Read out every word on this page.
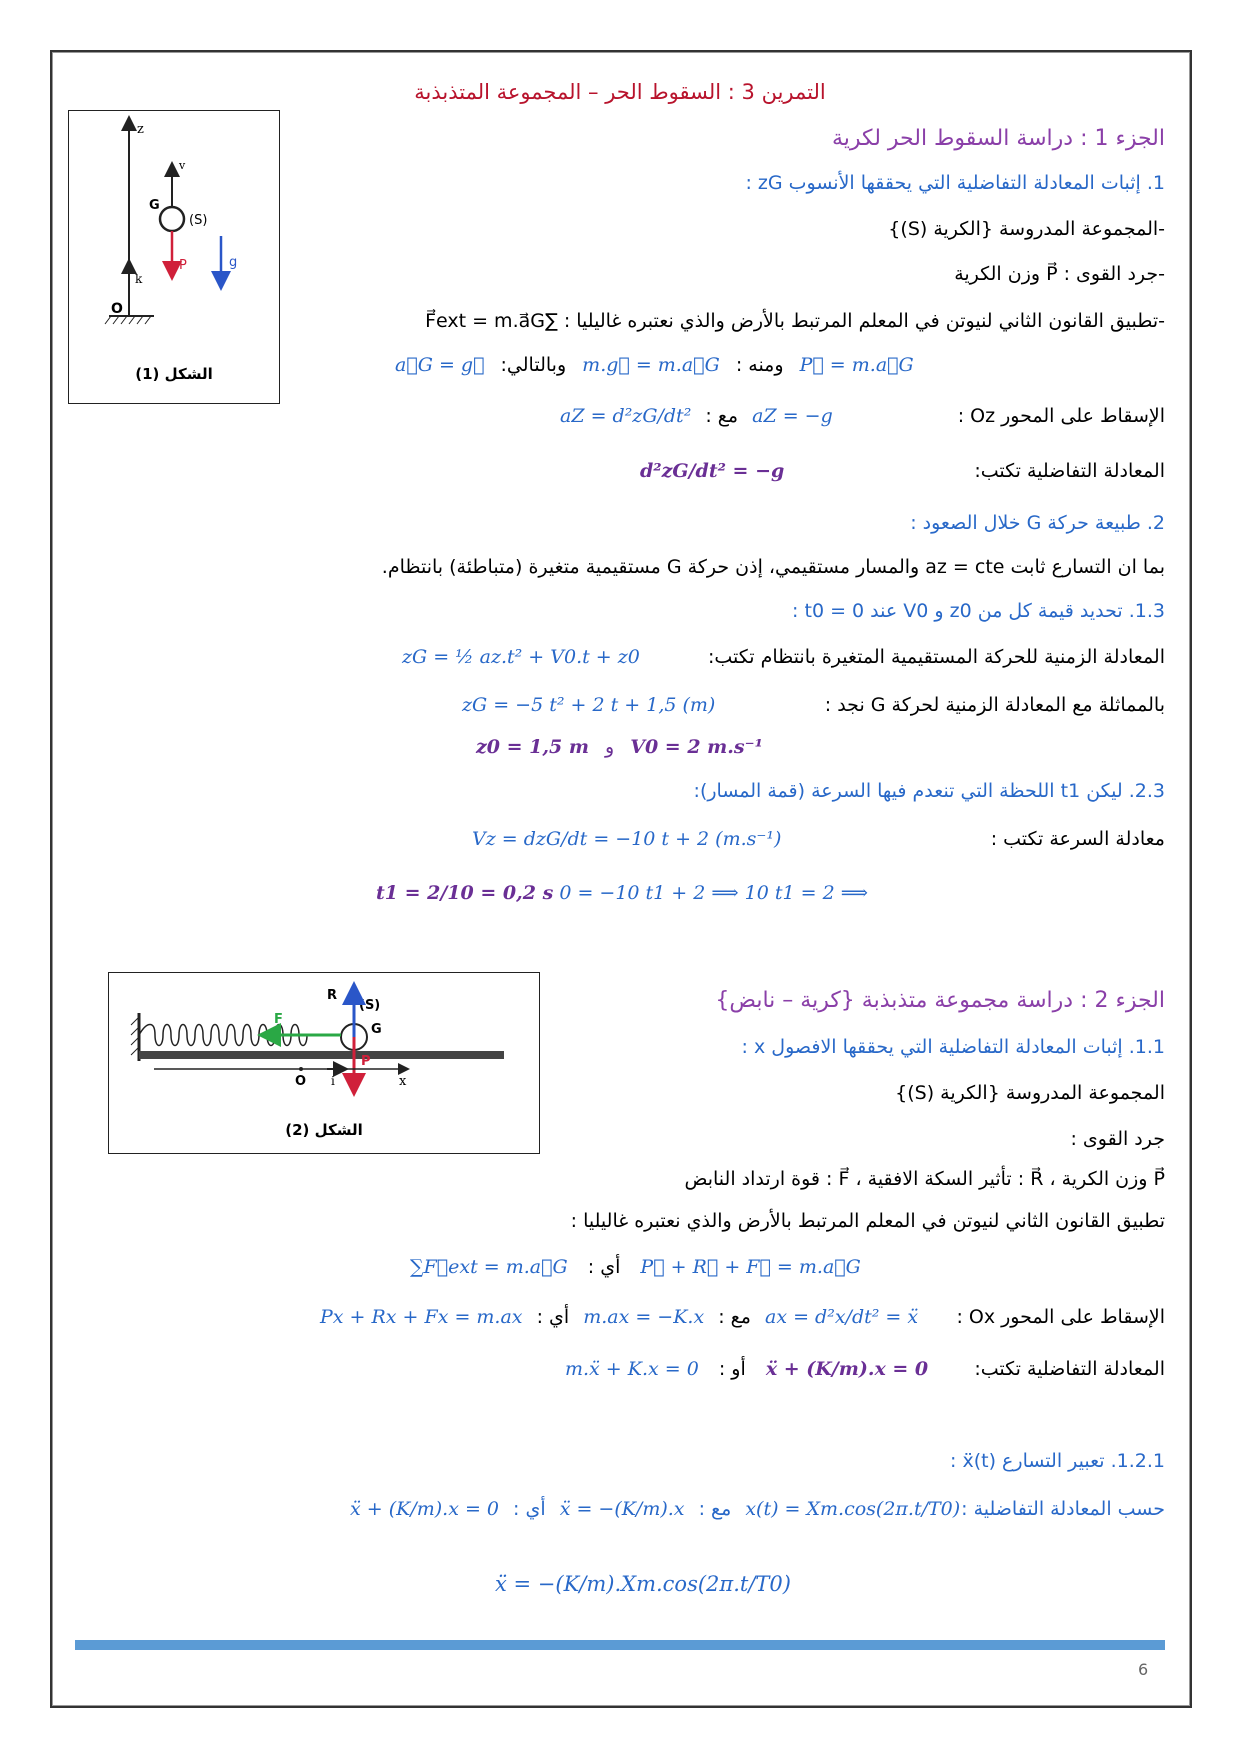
التمرين 3 : السقوط الحر – المجموعة المتذبذبة
z
O
k
G
(S)
v
P	g
الشكل (1)
الجزء 1 : دراسة السقوط الحر لكرية
1. إثبات المعادلة التفاضلية التي يحققها الأنسوب zG :
-المجموعة المدروسة {الكرية (S)}
-جرد القوى : P⃗ وزن الكرية
-تطبيق القانون الثاني لنيوتن في المعلم المرتبط بالأرض والذي نعتبره غاليليا : ∑F⃗ext = m.a⃗G
P⃗ = m.a⃗G ومنه : m.g⃗ = m.a⃗G وبالتالي: a⃗G = g⃗
الإسقاط على المحور Oz :
aZ = −g مع : aZ = d²zG/dt²
المعادلة التفاضلية تكتب:
d²zG/dt² = −g
2. طبيعة حركة G خلال الصعود :
بما ان التسارع ثابت az = cte والمسار مستقيمي، إذن حركة G مستقيمية متغيرة (متباطئة) بانتظام.
1.3. تحديد قيمة كل من z0 و V0 عند t0 = 0 :
المعادلة الزمنية للحركة المستقيمية المتغيرة بانتظام تكتب:
zG = ½ az.t² + V0.t + z0
بالمماثلة مع المعادلة الزمنية لحركة G نجد :
zG = −5 t² + 2 t + 1,5 (m)
V0 = 2 m.s⁻¹ و z0 = 1,5 m
2.3. ليكن t1 اللحظة التي تنعدم فيها السرعة (قمة المسار):
معادلة السرعة تكتب :
Vz = dzG/dt = −10 t + 2 (m.s⁻¹)
0 = −10 t1 + 2 ⟹ 10 t1 = 2 ⟹ t1 = 2/10 = 0,2 s
G
(S)
F
R
P
O i	x
الشكل (2)
الجزء 2 : دراسة مجموعة متذبذبة {كرية – نابض}
1.1. إثبات المعادلة التفاضلية التي يحققها الافصول x :
المجموعة المدروسة {الكرية (S)}
جرد القوى :
P⃗ وزن الكرية ، R⃗ : تأثير السكة الافقية ، F⃗ : قوة ارتداد النابض
تطبيق القانون الثاني لنيوتن في المعلم المرتبط بالأرض والذي نعتبره غاليليا :
P⃗ + R⃗ + F⃗ = m.a⃗G أي : ∑F⃗ext = m.a⃗G
الإسقاط على المحور Ox :
ax = d²x/dt² = ẍ مع : m.ax = −K.x أي : Px + Rx + Fx = m.ax
المعادلة التفاضلية تكتب:
ẍ + (K/m).x = 0 أو : m.ẍ + K.x = 0
1.2.1. تعبير التسارع ẍ(t) :
حسب المعادلة التفاضلية :
x(t) = Xm.cos(2π.t/T0) مع : ẍ = −(K/m).x أي : ẍ + (K/m).x = 0
ẍ = −(K/m).Xm.cos(2π.t/T0)
6
